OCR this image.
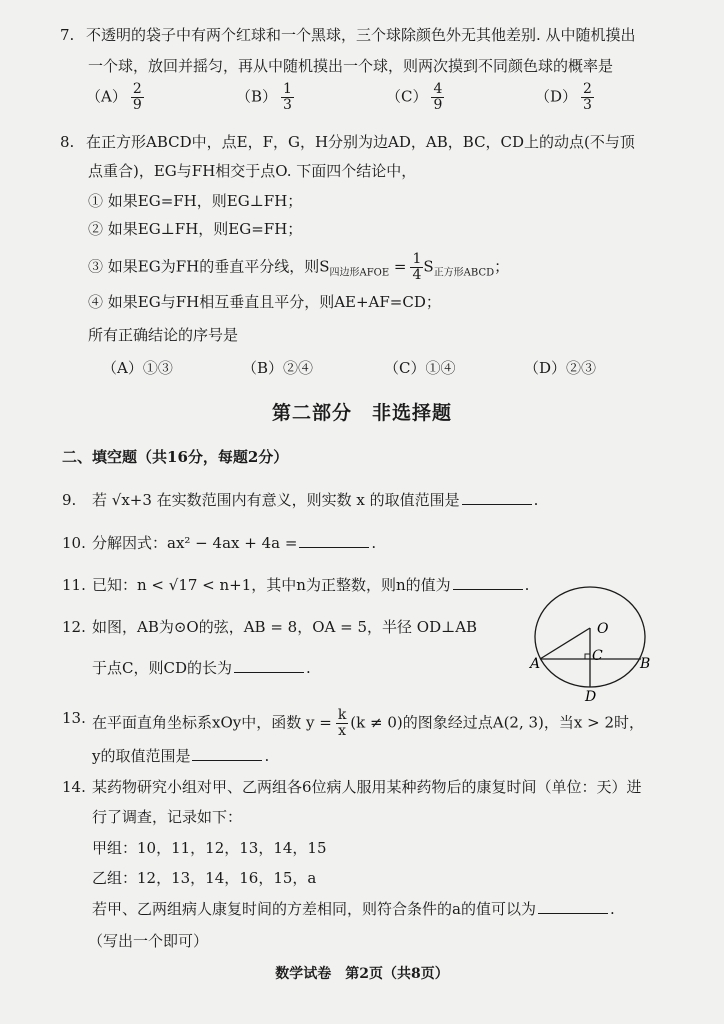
7. 不透明的袋子中有两个红球和一个黑球，三个球除颜色外无其他差别. 从中随机摸出
一个球，放回并摇匀，再从中随机摸出一个球，则两次摸到不同颜色球的概率是
$(A) \frac{2}{9}$	$(B) \frac{1}{3}$	$(C) \frac{4}{9}$	$(D) \frac{2}{3}$
8. 在正方形ABCD中，点E，F，G，H分别为边AD，AB，BC，CD上的动点(不与顶
点重合)，EG与FH相交于点O. 下面四个结论中，
① 如果EG=FH，则EG⊥FH；
② 如果EG⊥FH，则EG=FH；
③ 如果EG为FH的垂直平分线，则$S_{四边形AFOE} = \frac{1}{4} S_{正方形ABCD}$；
④ 如果EG与FH相互垂直且平分，则AE+AF=CD；
所有正确结论的序号是
（A）①③	（B）②④	（C）①④	（D）②③
第二部分　非选择题
二、填空题（共16分，每题2分）
9. 若 √x+3 在实数范围内有意义，则实数 x 的取值范围是	.
10. 分解因式：ax² − 4ax + 4a =	.
11. 已知：n < √17 < n+1，其中n为正整数，则n的值为	.
12. 如图，AB为⊙O的弦，AB = 8，OA = 5，半径 OD⊥AB
于点C，则CD的长为	.
O
A	B
C
D
13. 在平面直角坐标系xOy中，函数 $y = \frac{k}{x} (k \ne 0)$的图象经过点A(2, 3)，当x > 2时，
y的取值范围是	.
14. 某药物研究小组对甲、乙两组各6位病人服用某种药物后的康复时间（单位：天）进
行了调查，记录如下：
甲组：10，11，12，13，14，15
乙组：12，13，14，16，15，a
若甲、乙两组病人康复时间的方差相同，则符合条件的a的值可以为	.
（写出一个即可）
数学试卷　第2页（共8页）
